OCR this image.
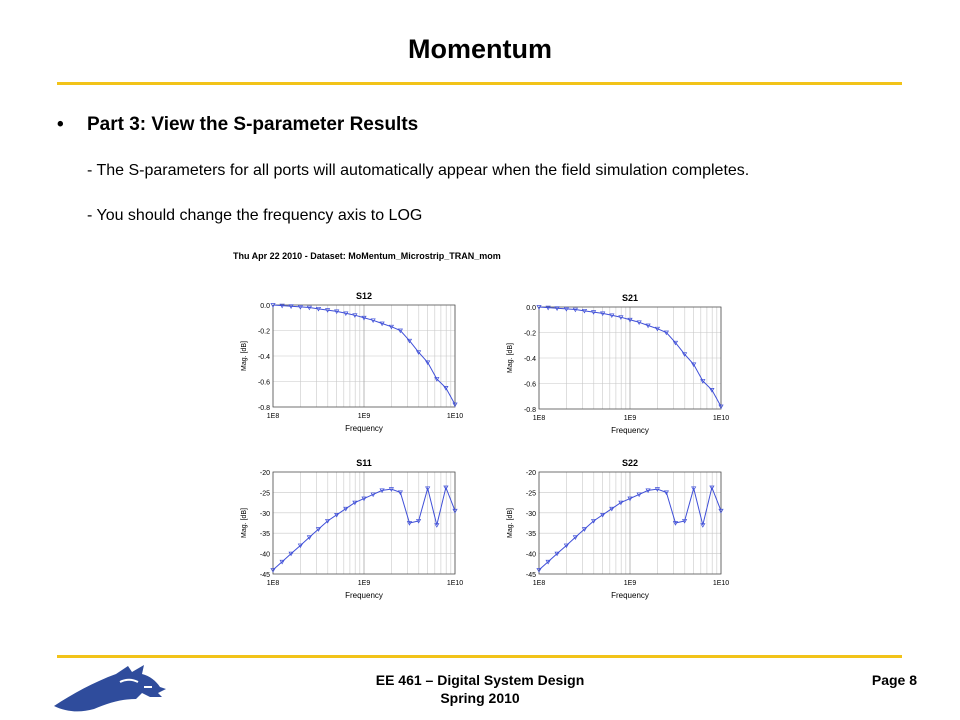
Momentum
• Part 3: View the S-parameter Results
- The S-parameters for all ports will automatically appear when the field simulation completes.
- You should change the frequency axis to LOG
Thu Apr 22 2010 - Dataset: MoMentum_Microstrip_TRAN_mom
S12
0.0
-0.2
-0.4
-0.6
-0.8
1E8	1E9	1E10
Frequency
Mag. [dB]
S21
0.0
-0.2
-0.4
-0.6
-0.8
1E8	1E9	1E10
Frequency
Mag. [dB]
S11
-20
-25
-30
-35
-40
-45
1E8	1E9	1E10
Frequency
Mag. [dB]
S22
-20
-25
-30
-35
-40
-45
1E8	1E9	1E10
Frequency
Mag. [dB]
EE 461 – Digital System Design
Spring 2010
Page 8
